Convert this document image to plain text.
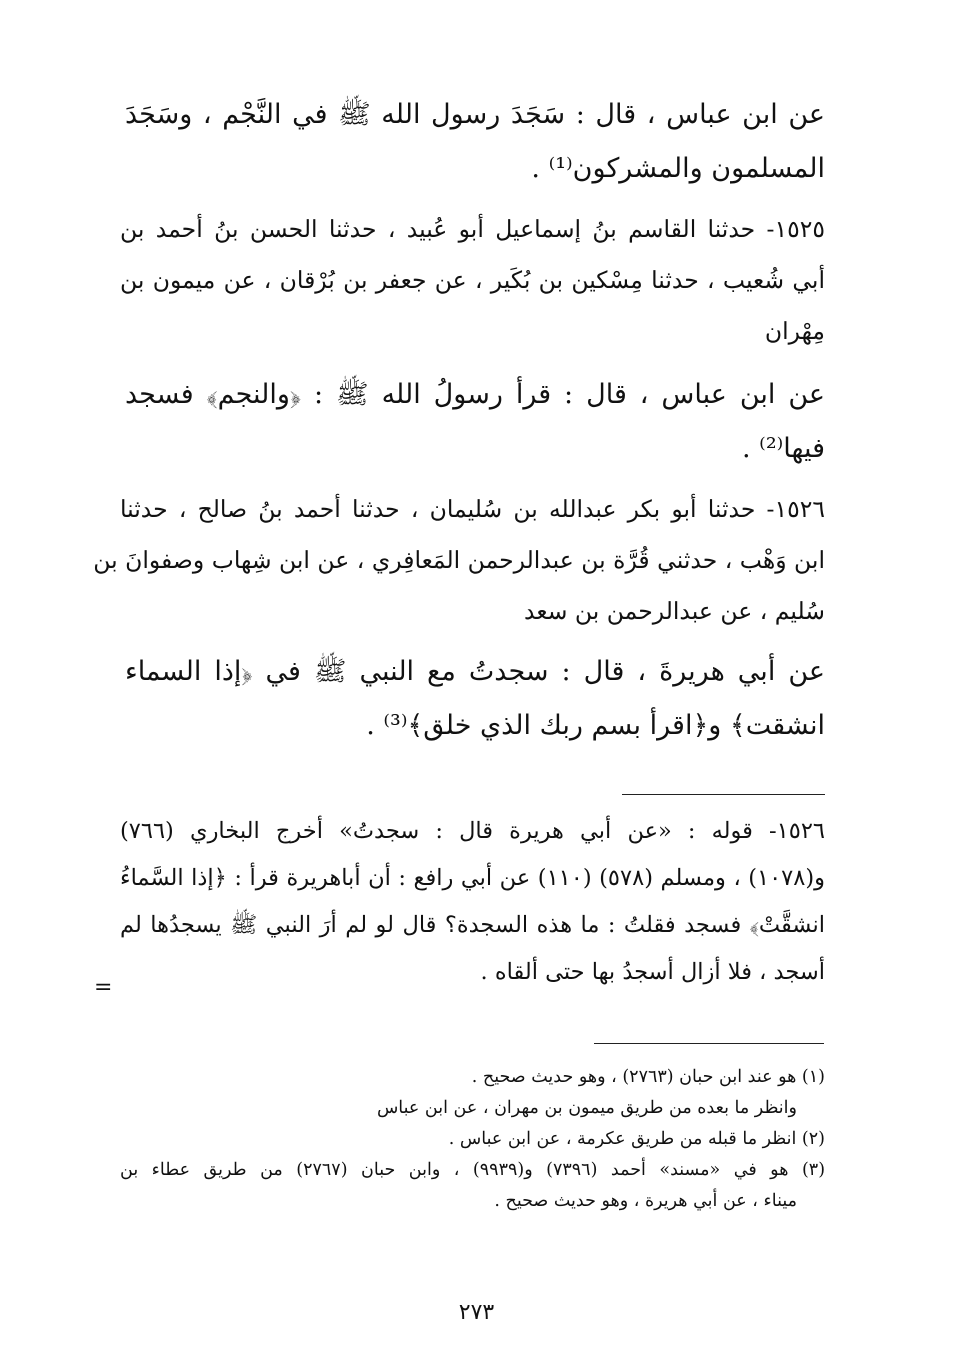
عن ابن عباس ، قال : سَجَدَ رسول الله ﷺ في النَّجْم ، وسَجَدَ
المسلمون والمشركون⁽¹⁾ .
١٥٢٥- حدثنا القاسم بنُ إسماعيل أبو عُبيد ، حدثنا الحسن بنُ أحمد بن
أبي شُعيب ، حدثنا مِسْكين بن بُكَير ، عن جعفر بن بُرْقان ، عن ميمون بن
مِهْران
عن ابن عباس ، قال : قرأ رسولُ الله ﷺ : ﴿والنجم﴾ فسجد
فيها⁽²⁾ .
١٥٢٦- حدثنا أبو بكر عبدالله بن سُليمان ، حدثنا أحمد بنُ صالح ، حدثنا
ابن وَهْب ، حدثني قُرَّة بن عبدالرحمن المَعافِري ، عن ابن شِهاب وصفوانَ بن
سُليم ، عن عبدالرحمن بن سعد
عن أبي هريرةَ ، قال : سجدتُ مع النبي ﷺ في ﴿إذا السماء
انشقت﴾ و﴿اقرأ بسم ربك الذي خلق﴾⁽³⁾ .
١٥٢٦- قوله : «عن أبي هريرة قال : سجدتُ» أخرج البخاري (٧٦٦)
و(١٠٧٨) ، ومسلم (٥٧٨) (١١٠) عن أبي رافع : أن أباهريرة قرأ : ﴿إذا السَّماءُ
انشقَّتْ﴾ فسجد فقلتُ : ما هذه السجدة؟ قال لو لم أرَ النبي ﷺ يسجدُها لم
أسجد ، فلا أزال أسجدُ بها حتى ألقاه .
=
(١) هو عند ابن حبان (٢٧٦٣) ، وهو حديث صحيح .
وانظر ما بعده من طريق ميمون بن مهران ، عن ابن عباس
(٢) انظر ما قبله من طريق عكرمة ، عن ابن عباس .
(٣) هو في «مسند» أحمد (٧٣٩٦) و(٩٩٣٩) ، وابن حبان (٢٧٦٧) من طريق عطاء بن
ميناء ، عن أبي هريرة ، وهو حديث صحيح .
٢٧٣
